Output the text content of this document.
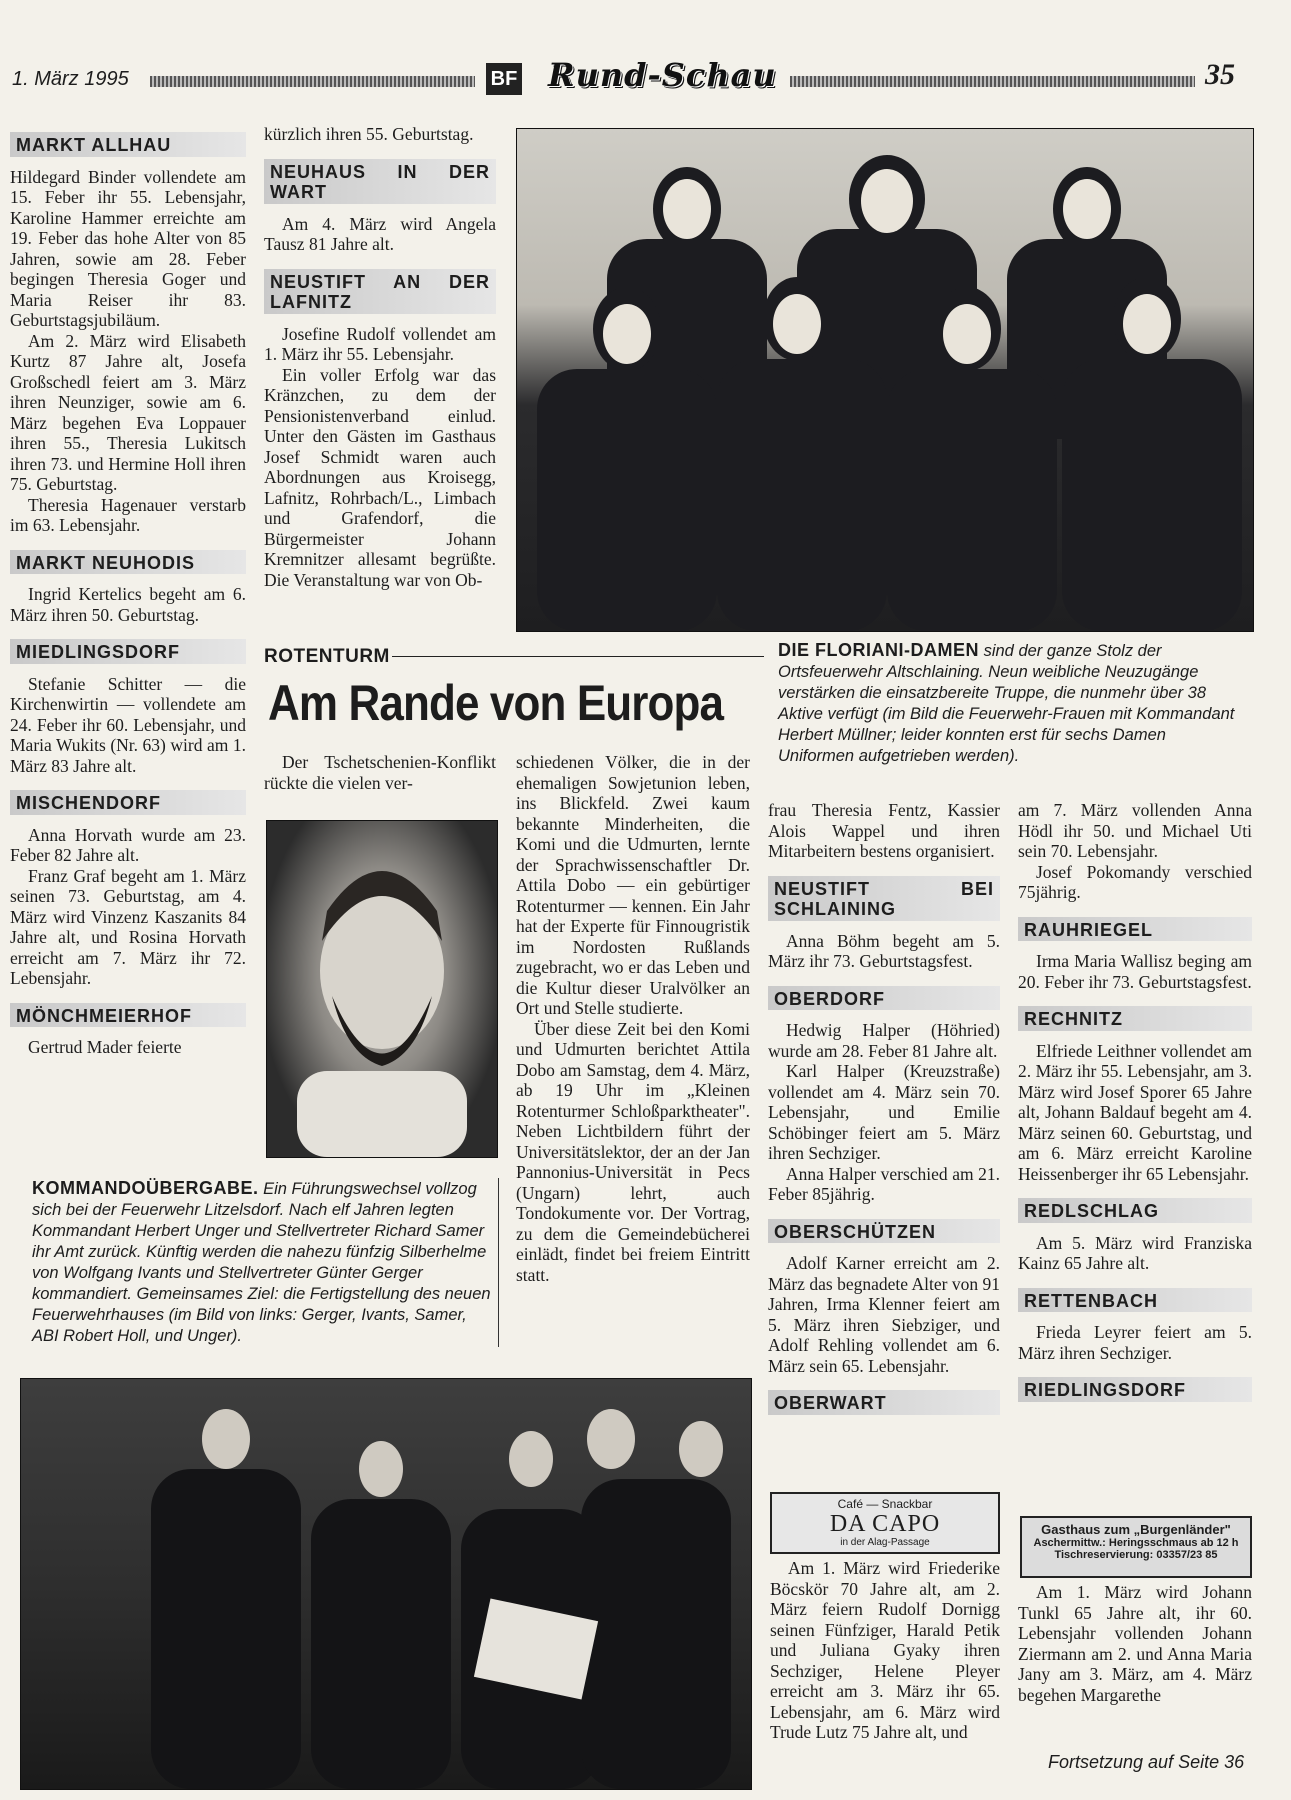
1. März 1995	BF Rund-Schau	35
MARKT ALLHAU

Hildegard Binder vollendete am 15. Feber ihr 55. Lebensjahr, Karoline Hammer erreichte am 19. Feber das hohe Alter von 85 Jahren, sowie am 28. Feber begingen Theresia Goger und Maria Reiser ihr 83. Geburtstagsjubiläum.

Am 2. März wird Elisabeth Kurtz 87 Jahre alt, Josefa Großschedl feiert am 3. März ihren Neunziger, sowie am 6. März begehen Eva Loppauer ihren 55., Theresia Lukitsch ihren 73. und Hermine Holl ihren 75. Geburtstag.

Theresia Hagenauer verstarb im 63. Lebensjahr.

MARKT NEUHODIS

Ingrid Kertelics begeht am 6. März ihren 50. Geburtstag.

MIEDLINGSDORF

Stefanie Schitter — die Kirchenwirtin — vollendete am 24. Feber ihr 60. Lebensjahr, und Maria Wukits (Nr. 63) wird am 1. März 83 Jahre alt.

MISCHENDORF

Anna Horvath wurde am 23. Feber 82 Jahre alt.

Franz Graf begeht am 1. März seinen 73. Geburtstag, am 4. März wird Vinzenz Kaszanits 84 Jahre alt, und Rosina Horvath erreicht am 7. März ihr 72. Lebensjahr.

MÖNCHMEIERHOF

Gertrud Mader feierte

kürzlich ihren 55. Geburtstag.

NEUHAUS IN DER WART

Am 4. März wird Angela Tausz 81 Jahre alt.

NEUSTIFT AN DER LAFNITZ

Josefine Rudolf vollendet am 1. März ihr 55. Lebensjahr.

Ein voller Erfolg war das Kränzchen, zu dem der Pensionistenverband einlud. Unter den Gästen im Gasthaus Josef Schmidt waren auch Abordnungen aus Kroisegg, Lafnitz, Rohrbach/L., Limbach und Grafendorf, die Bürgermeister Johann Kremnitzer allesamt begrüßte. Die Veranstaltung war von Ob-

DIE FLORIANI-DAMEN sind der ganze Stolz der Ortsfeuerwehr Altschlaining. Neun weibliche Neuzugänge verstärken die einsatzbereite Truppe, die nunmehr über 38 Aktive verfügt (im Bild die Feuerwehr-Frauen mit Kommandant Herbert Müllner; leider konnten erst für sechs Damen Uniformen aufgetrieben werden).
ROTENTURM
Am Rande von Europa

Der Tschetschenien-Konflikt rückte die vielen ver-

schiedenen Völker, die in der ehemaligen Sowjetunion leben, ins Blickfeld. Zwei kaum bekannte Minderheiten, die Komi und die Udmurten, lernte der Sprachwissenschaftler Dr. Attila Dobo — ein gebürtiger Rotenturmer — kennen. Ein Jahr hat der Experte für Finnougristik im Nordosten Rußlands zugebracht, wo er das Leben und die Kultur dieser Uralvölker an Ort und Stelle studierte.

Über diese Zeit bei den Komi und Udmurten berichtet Attila Dobo am Samstag, dem 4. März, ab 19 Uhr im „Kleinen Rotenturmer Schloßparktheater". Neben Lichtbildern führt der Universitätslektor, der an der Jan Pannonius-Universität in Pecs (Ungarn) lehrt, auch Tondokumente vor. Der Vortrag, zu dem die Gemeindebücherei einlädt, findet bei freiem Eintritt statt.

KOMMANDOÜBERGABE. Ein Führungswechsel vollzog sich bei der Feuerwehr Litzelsdorf. Nach elf Jahren legten Kommandant Herbert Unger und Stellvertreter Richard Samer ihr Amt zurück. Künftig werden die nahezu fünfzig Silberhelme von Wolfgang Ivants und Stellvertreter Günter Gerger kommandiert. Gemeinsames Ziel: die Fertigstellung des neuen Feuerwehrhauses (im Bild von links: Gerger, Ivants, Samer, ABI Robert Holl, und Unger).

frau Theresia Fentz, Kassier Alois Wappel und ihren Mitarbeitern bestens organisiert.

NEUSTIFT BEI SCHLAINING

Anna Böhm begeht am 5. März ihr 73. Geburtstagsfest.

OBERDORF

Hedwig Halper (Höhried) wurde am 28. Feber 81 Jahre alt.

Karl Halper (Kreuzstraße) vollendet am 4. März sein 70. Lebensjahr, und Emilie Schöbinger feiert am 5. März ihren Sechziger.

Anna Halper verschied am 21. Feber 85jährig.

OBERSCHÜTZEN

Adolf Karner erreicht am 2. März das begnadete Alter von 91 Jahren, Irma Klenner feiert am 5. März ihren Siebziger, und Adolf Rehling vollendet am 6. März sein 65. Lebensjahr.

OBERWART
Café — Snackbar
DA CAPO
in der Alag-Passage

Am 1. März wird Friederike Böcskör 70 Jahre alt, am 2. März feiern Rudolf Dornigg seinen Fünfziger, Harald Petik und Juliana Gyaky ihren Sechziger, Helene Pleyer erreicht am 3. März ihr 65. Lebensjahr, am 6. März wird Trude Lutz 75 Jahre alt, und

am 7. März vollenden Anna Hödl ihr 50. und Michael Uti sein 70. Lebensjahr.

Josef Pokomandy verschied 75jährig.

RAUHRIEGEL

Irma Maria Wallisz beging am 20. Feber ihr 73. Geburtstagsfest.

RECHNITZ

Elfriede Leithner vollendet am 2. März ihr 55. Lebensjahr, am 3. März wird Josef Sporer 65 Jahre alt, Johann Baldauf begeht am 4. März seinen 60. Geburtstag, und am 6. März erreicht Karoline Heissenberger ihr 65 Lebensjahr.

REDLSCHLAG

Am 5. März wird Franziska Kainz 65 Jahre alt.

RETTENBACH

Frieda Leyrer feiert am 5. März ihren Sechziger.

RIEDLINGSDORF
Gasthaus zum „Burgenländer"
Aschermittw.: Heringsschmaus ab 12 h
Tischreservierung: 03357/23 85

Am 1. März wird Johann Tunkl 65 Jahre alt, ihr 60. Lebensjahr vollenden Johann Ziermann am 2. und Anna Maria Jany am 3. März, am 4. März begehen Margarethe

Fortsetzung auf Seite 36
